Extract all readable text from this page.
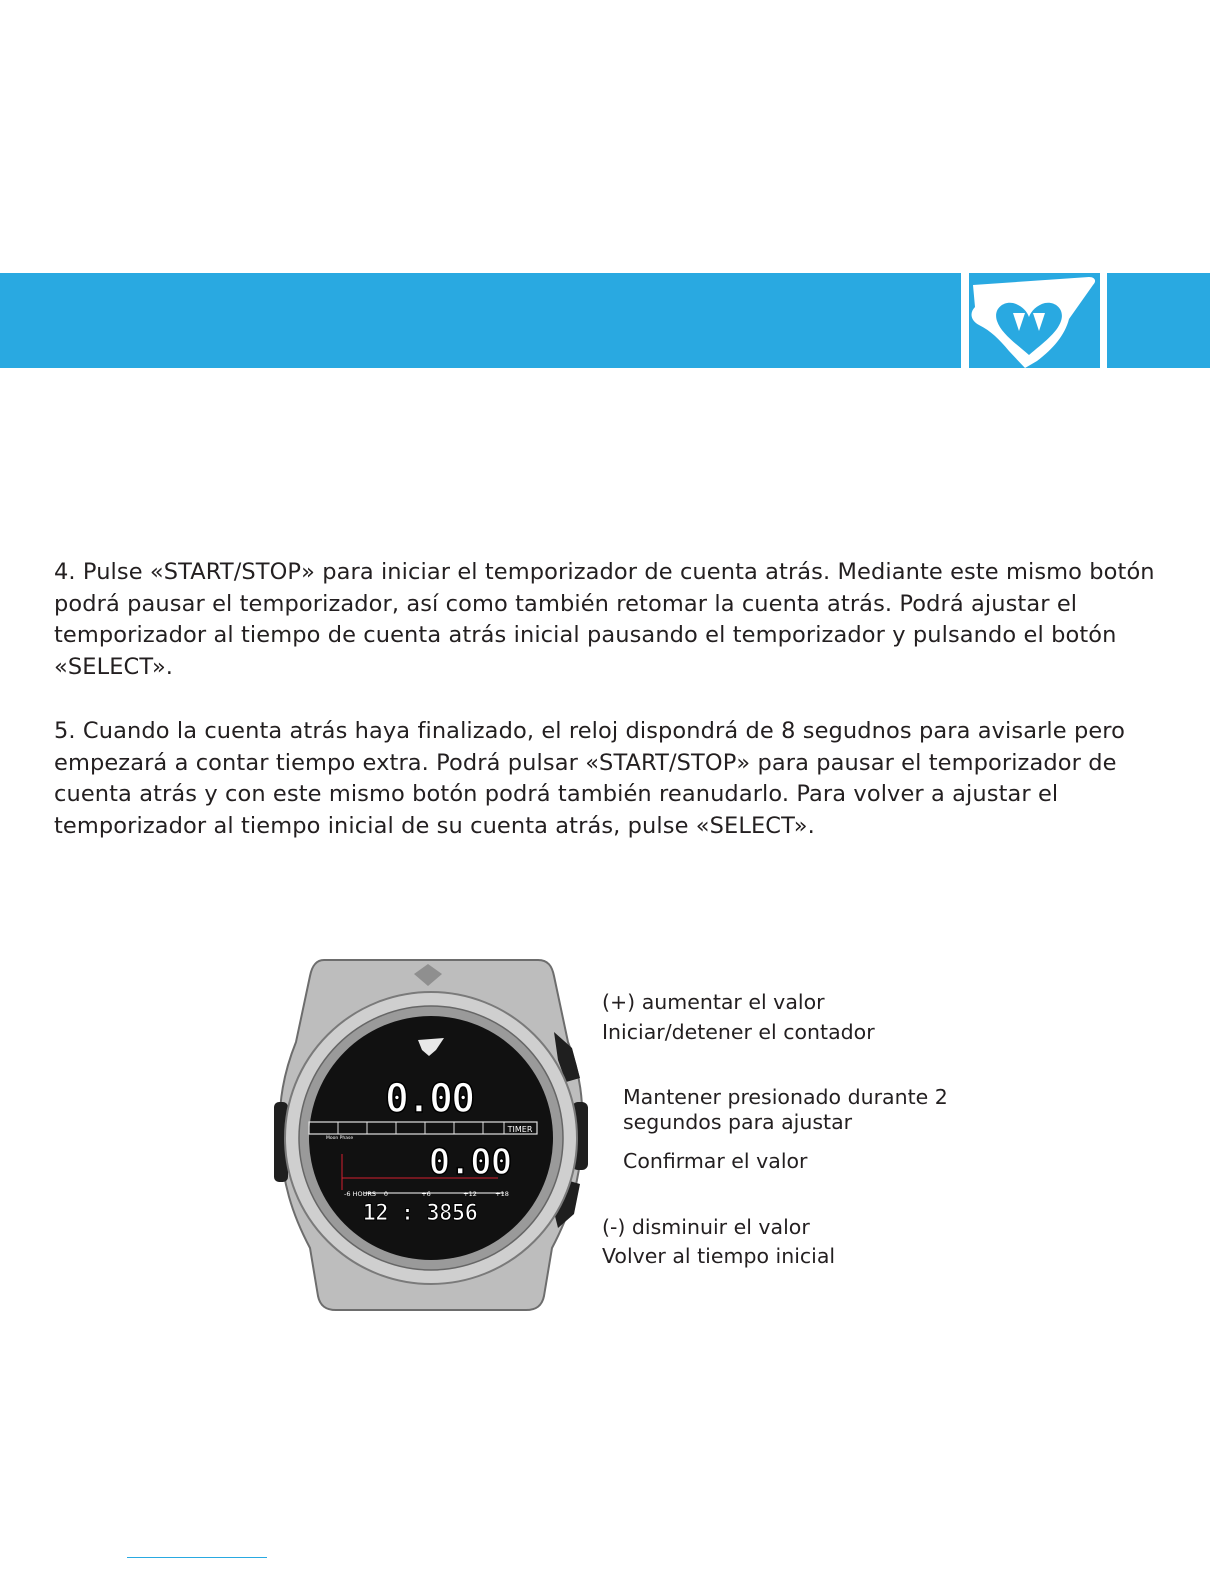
4. Pulse «START/STOP» para iniciar el temporizador de cuenta atrás. Mediante este mismo botón podrá pausar el temporizador, así como también retomar la cuenta atrás. Podrá ajustar el temporizador al tiempo de cuenta atrás inicial pausando el temporizador y pulsando el botón «SELECT».

5. Cuando la cuenta atrás haya finalizado, el reloj dispondrá de 8 segudnos para avisarle pero empezará a contar tiempo extra. Podrá pulsar «START/STOP» para pausar el temporizador de cuenta atrás y con este mismo botón podrá también reanudarlo. Para volver a ajustar el temporizador al tiempo inicial de su cuenta atrás, pulse «SELECT».

0.00
TIMER
Moon Phase
0.00
-6 HOURS 0	+6	+12	+18
12 : 3856

(+) aumentar el valor

Iniciar/detener el contador

Mantener presionado durante 2
segundos para ajustar

Confirmar el valor

(-) disminuir el valor

Volver al tiempo inicial
